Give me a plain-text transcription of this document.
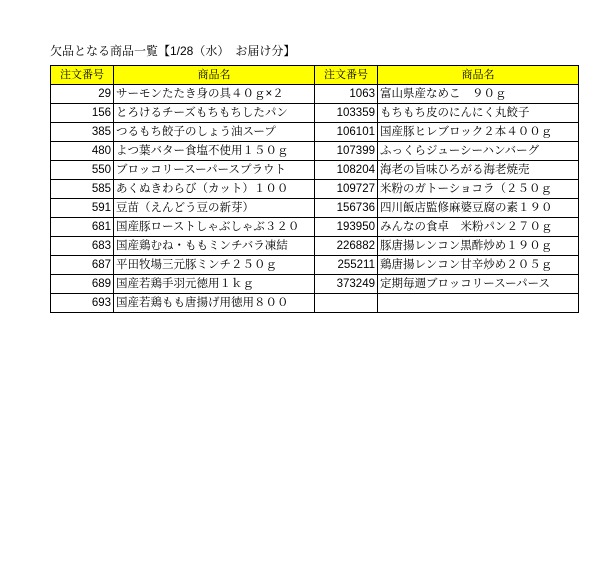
欠品となる商品一覧【1/28（水）　お届け分】
注文番号	商品名	注文番号	商品名
29	サーモンたたき身の具４０ｇ×２	1063	富山県産なめこ　９０ｇ
156	とろけるチーズもちもちしたパン	103359	もちもち皮のにんにく丸餃子
385	つるもち餃子のしょう油スープ	106101	国産豚ヒレブロック２本４００ｇ
480	よつ葉バター食塩不使用１５０ｇ	107399	ふっくらジューシーハンバーグ
550	ブロッコリースーパースプラウト	108204	海老の旨味ひろがる海老焼売
585	あくぬきわらび（カット）１００	109727	米粉のガトーショコラ（２５０ｇ
591	豆苗（えんどう豆の新芽）	156736	四川飯店監修麻婆豆腐の素１９０
681	国産豚ローストしゃぶしゃぶ３２０	193950	みんなの食卓　米粉パン２７０ｇ
683	国産鶏むね・ももミンチバラ凍結	226882	豚唐揚レンコン黒酢炒め１９０ｇ
687	平田牧場三元豚ミンチ２５０ｇ	255211	鶏唐揚レンコン甘辛炒め２０５ｇ
689	国産若鶏手羽元徳用１ｋｇ	373249	定期毎週ブロッコリースーパース
693	国産若鶏もも唐揚げ用徳用８００		
